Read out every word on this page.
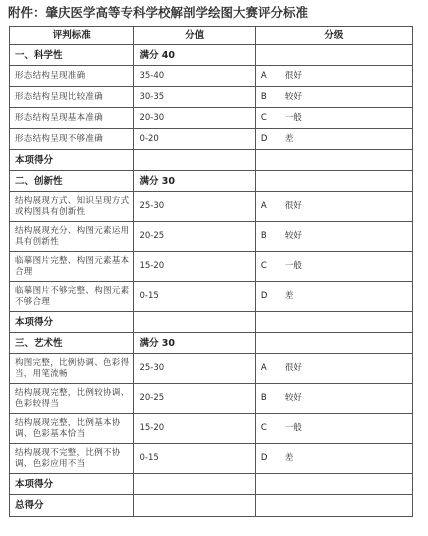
附件：肇庆医学高等专科学校解剖学绘图大赛评分标准
评判标准	分值	分级
一、科学性	满分 40	
形态结构呈现准确	35-40	A 很好
形态结构呈现比较准确	30-35	B 较好
形态结构呈现基本准确	20-30	C 一般
形态结构呈现不够准确	0-20	D 差
本项得分		
二、创新性	满分 30	
结构展现方式、知识呈现方式或构图具有创新性	25-30	A 很好
结构展现充分、构图元素运用具有创新性	20-25	B 较好
临摹图片完整、构图元素基本合理	15-20	C 一般
临摹图片不够完整、构图元素不够合理	0-15	D 差
本项得分		
三、艺术性	满分 30	
构图完整，比例协调、色彩得当，用笔流畅	25-30	A 很好
结构展现完整，比例较协调、色彩较得当	20-25	B 较好
结构展现完整，比例基本协调、色彩基本恰当	15-20	C 一般
结构展现不完整，比例不协调、色彩应用不当	0-15	D 差
本项得分		
总得分		
